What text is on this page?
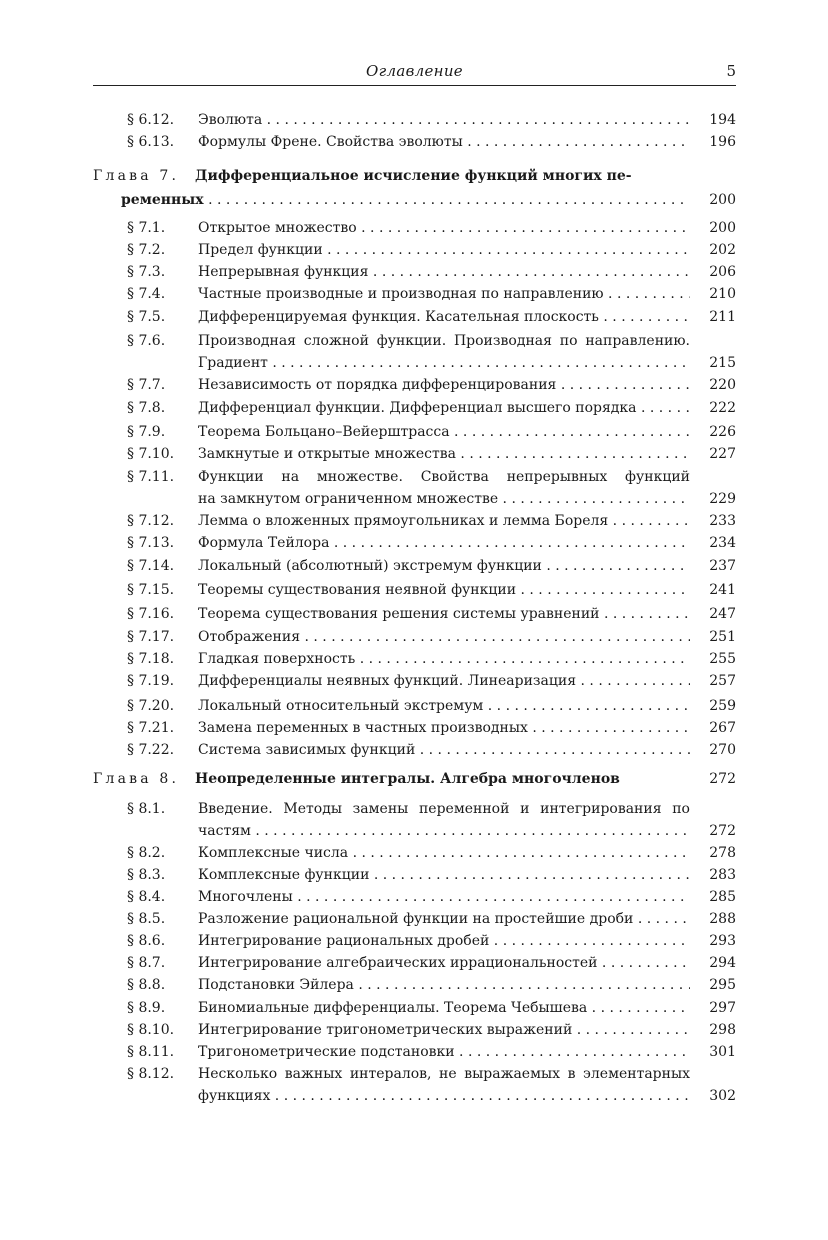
Оглавление	5
§ 6.12. Эволюта . . .	194
§ 6.13. Формулы Френе. Свойства эволюты . . .	196
Глава 7. Дифференциальное исчисление функций многих пе-
ременных . . .	200
§ 7.1. Открытое множество . . .	200
§ 7.2. Предел функции . . .	202
§ 7.3. Непрерывная функция . . .	206
§ 7.4. Частные производные и производная по направлению . . .	210
§ 7.5. Дифференцируемая функция. Касательная плоскость . . .	211
§ 7.6. Производная сложной функции. Производная по направлению.
Градиент . . .	215
§ 7.7. Независимость от порядка дифференцирования . . .	220
§ 7.8. Дифференциал функции. Дифференциал высшего порядка . . .	222
§ 7.9. Теорема Больцано–Вейерштрасса . . .	226
§ 7.10. Замкнутые и открытые множества . . .	227
§ 7.11. Функции на множестве. Свойства непрерывных функций
на замкнутом ограниченном множестве . . .	229
§ 7.12. Лемма о вложенных прямоугольниках и лемма Бореля . . .	233
§ 7.13. Формула Тейлора . . .	234
§ 7.14. Локальный (абсолютный) экстремум функции . . .	237
§ 7.15. Теоремы существования неявной функции . . .	241
§ 7.16. Теорема существования решения системы уравнений . . .	247
§ 7.17. Отображения . . .	251
§ 7.18. Гладкая поверхность . . .	255
§ 7.19. Дифференциалы неявных функций. Линеаризация . . .	257
§ 7.20. Локальный относительный экстремум . . .	259
§ 7.21. Замена переменных в частных производных . . .	267
§ 7.22. Система зависимых функций . . .	270
Глава 8. Неопределенные интегралы. Алгебра многочленов	272
§ 8.1. Введение. Методы замены переменной и интегрирования по
частям . . .	272
§ 8.2. Комплексные числа . . .	278
§ 8.3. Комплексные функции . . .	283
§ 8.4. Многочлены . . .	285
§ 8.5. Разложение рациональной функции на простейшие дроби . . .	288
§ 8.6. Интегрирование рациональных дробей . . .	293
§ 8.7. Интегрирование алгебраических иррациональностей . . .	294
§ 8.8. Подстановки Эйлера . . .	295
§ 8.9. Биномиальные дифференциалы. Теорема Чебышева . . .	297
§ 8.10. Интегрирование тригонометрических выражений . . .	298
§ 8.11. Тригонометрические подстановки . . .	301
§ 8.12. Несколько важных интералов, не выражаемых в элементарных
функциях . . .	302
